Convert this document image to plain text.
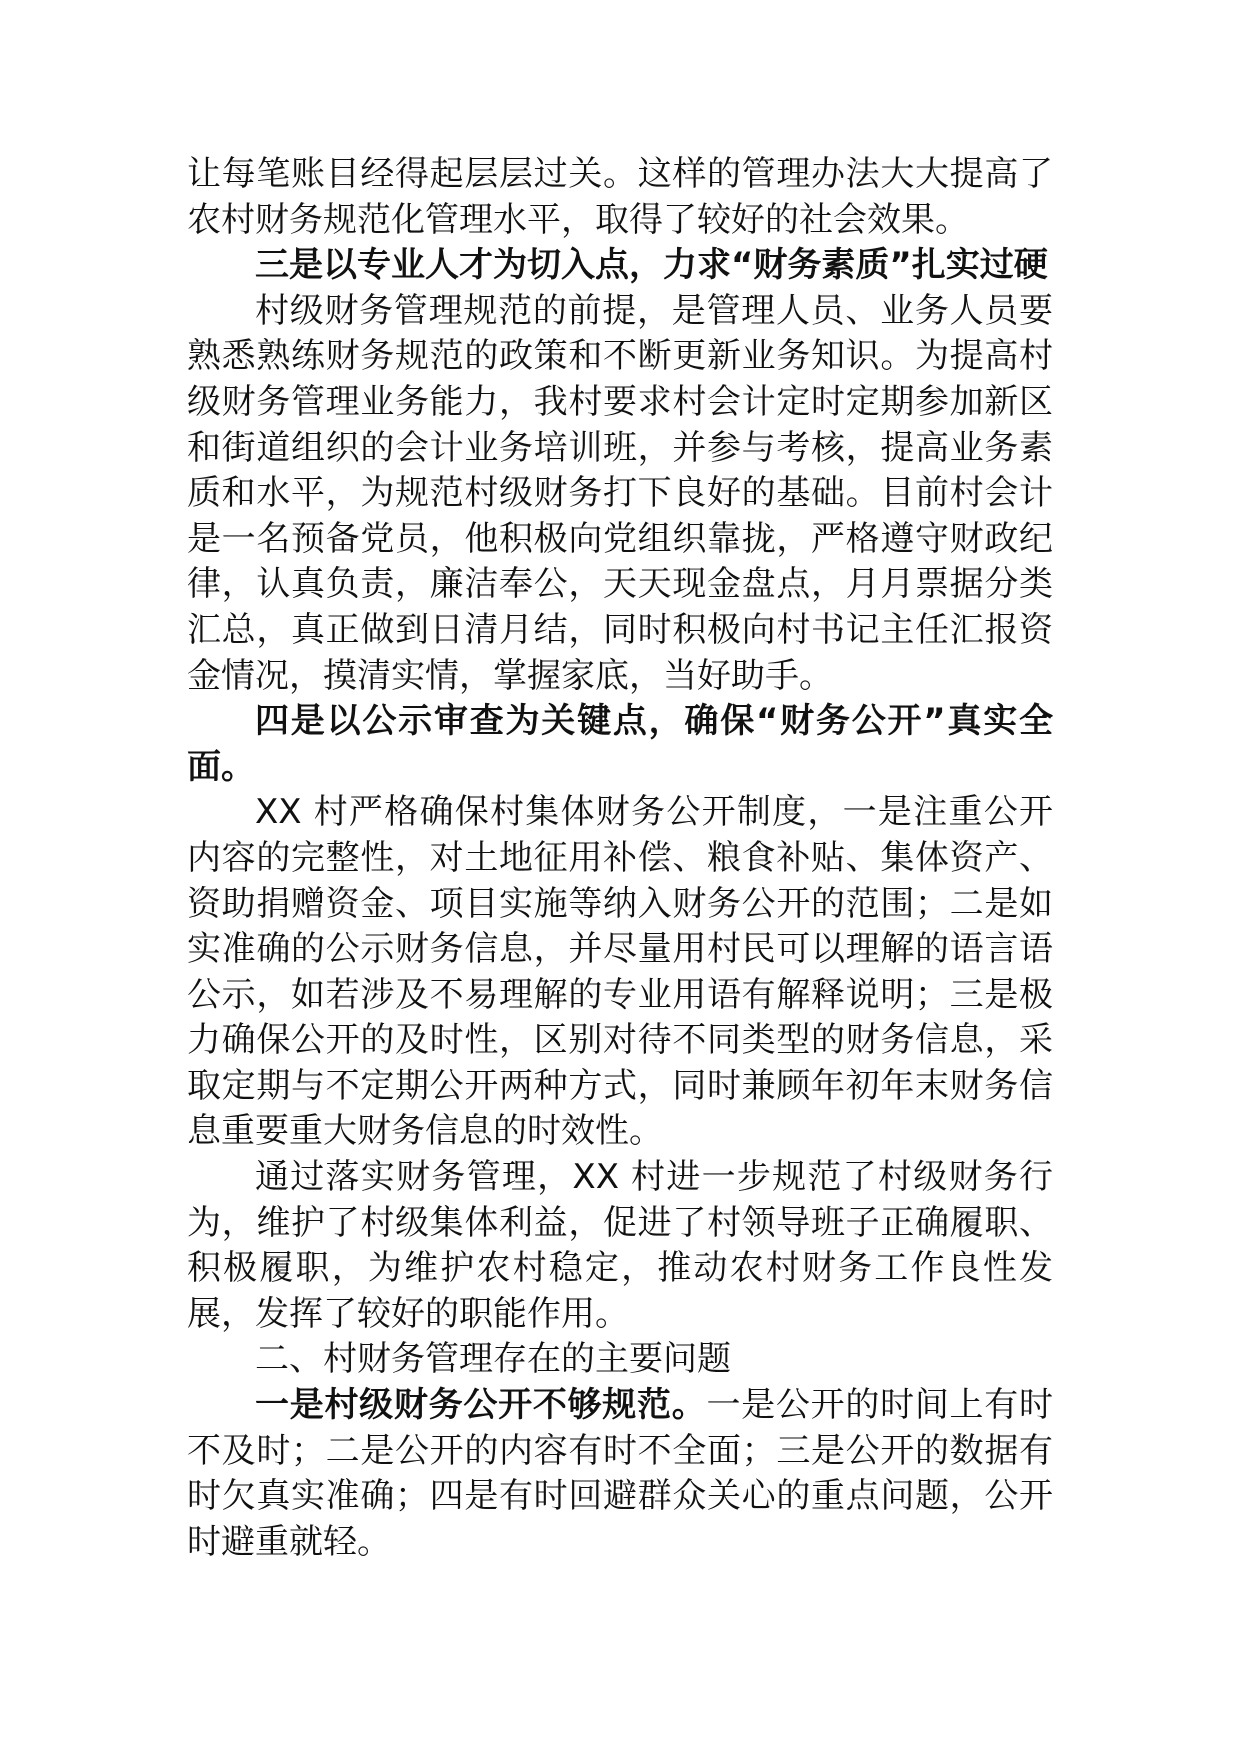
让每笔账目经得起层层过关。这样的管理办法大大提高了农村财务规范化管理水平，取得了较好的社会效果。

三是以专业人才为切入点，力求“财务素质”扎实过硬

村级财务管理规范的前提，是管理人员、业务人员要熟悉熟练财务规范的政策和不断更新业务知识。为提高村级财务管理业务能力，我村要求村会计定时定期参加新区和街道组织的会计业务培训班，并参与考核，提高业务素质和水平，为规范村级财务打下良好的基础。目前村会计是一名预备党员，他积极向党组织靠拢，严格遵守财政纪律，认真负责，廉洁奉公，天天现金盘点，月月票据分类汇总，真正做到日清月结，同时积极向村书记主任汇报资金情况，摸清实情，掌握家底，当好助手。

四是以公示审查为关键点，确保“财务公开”真实全面。

XX 村严格确保村集体财务公开制度，一是注重公开内容的完整性，对土地征用补偿、粮食补贴、集体资产、资助捐赠资金、项目实施等纳入财务公开的范围；二是如实准确的公示财务信息，并尽量用村民可以理解的语言语公示，如若涉及不易理解的专业用语有解释说明；三是极力确保公开的及时性，区别对待不同类型的财务信息，采取定期与不定期公开两种方式，同时兼顾年初年末财务信息重要重大财务信息的时效性。

通过落实财务管理，XX 村进一步规范了村级财务行为，维护了村级集体利益，促进了村领导班子正确履职、积极履职，为维护农村稳定，推动农村财务工作良性发展，发挥了较好的职能作用。

二、村财务管理存在的主要问题

一是村级财务公开不够规范。一是公开的时间上有时不及时；二是公开的内容有时不全面；三是公开的数据有时欠真实准确；四是有时回避群众关心的重点问题，公开时避重就轻。
